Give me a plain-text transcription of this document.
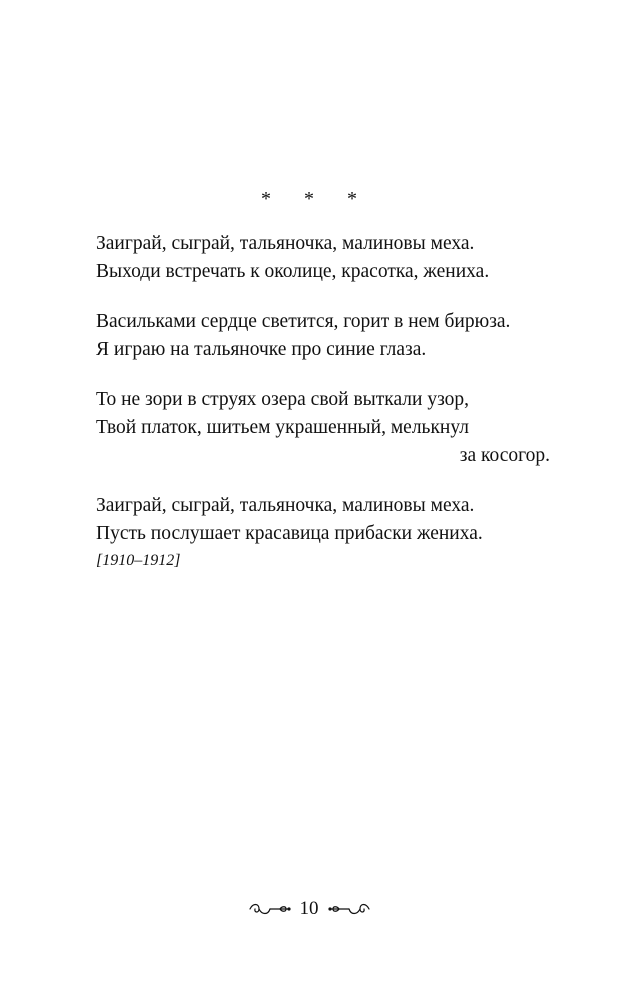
* * *
Заиграй, сыграй, тальяночка, малиновы меха.
Выходи встречать к околице, красотка, жениха.
Васильками сердце светится, горит в нем бирюза.
Я играю на тальяночке про синие глаза.
То не зори в струях озера свой выткали узор,
Твой платок, шитьем украшенный, мелькнул
за косогор.
Заиграй, сыграй, тальяночка, малиновы меха.
Пусть послушает красавица прибаски жениха.
[1910–1912]
10
